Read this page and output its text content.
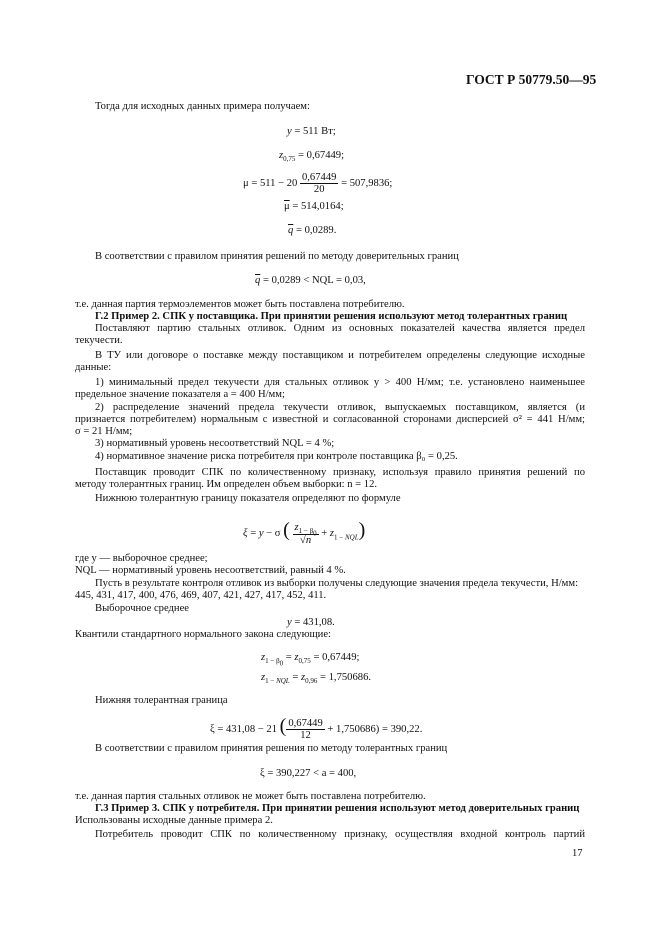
ГОСТ Р 50779.50—95
Тогда для исходных данных примера получаем:
y = 511 Вт;
$z_{0,75} = 0,67449$;
$\mu = 511 - 20 \frac{0,67449}{20} = 507,9836$;
$\overline{\mu} = 514,0164$;
$\overline{q} = 0,0289$.
В соответствии с правилом принятия решений по методу доверительных границ
$\overline{q} = 0,0289$ < NQL = 0,03,
т.е. данная партия термоэлементов может быть поставлена потребителю.
Г.2 Пример 2. СПК у поставщика. При принятии решения используют метод толерантных границ
Поставляют партию стальных отливок. Одним из основных показателей качества является предел
текучести.
В ТУ или договоре о поставке между поставщиком и потребителем определены следующие исходные
данные:
1) минимальный предел текучести для стальных отливок y > 400 Н/мм; т.е. установлено наименьшее
предельное значение показателя a = 400 Н/мм;
2) распределение значений предела текучести отливок, выпускаемых поставщиком, является (и
признается потребителем) нормальным с известной и согласованной сторонами дисперсией σ² = 441 Н/мм;
σ = 21 Н/мм;
3) нормативный уровень несоответствий NQL = 4 %;
4) нормативное значение риска потребителя при контроле поставщика β₀ = 0,25.
Поставщик проводит СПК по количественному признаку, используя правило принятия решений по
методу толерантных границ. Им определен объем выборки: n = 12.
Нижнюю толерантную границу показателя определяют по формуле
ξ = y − σ ( $\frac{z_{1 - \beta_0}}{√n} + z_{1 - NQL}$)
где y — выборочное среднее;
NQL — нормативный уровень несоответствий, равный 4 %.
Пусть в результате контроля отливок из выборки получены следующие значения предела текучести, Н/мм:
445, 431, 417, 400, 476, 469, 407, 421, 427, 417, 452, 411.
Выборочное среднее
y = 431,08.
Квантили стандартного нормального закона следующие:
$z_{1 - \beta_0} = z_{0,75} = 0,67449$;
$z_{1 - NQL} = z_{0,96} = 1,750686$.
Нижняя толерантная граница
ξ = 431,08 − 21 ( $\frac{0,67449}{12} + 1,750686) = 390,22$.
В соответствии с правилом принятия решения по методу толерантных границ
ξ = 390,227 < a = 400,
т.е. данная партия стальных отливок не может быть поставлена потребителю.
Г.3 Пример 3. СПК у потребителя. При принятии решения используют метод доверительных границ
Использованы исходные данные примера 2.
Потребитель проводит СПК по количественному признаку, осуществляя входной контроль партий
17
